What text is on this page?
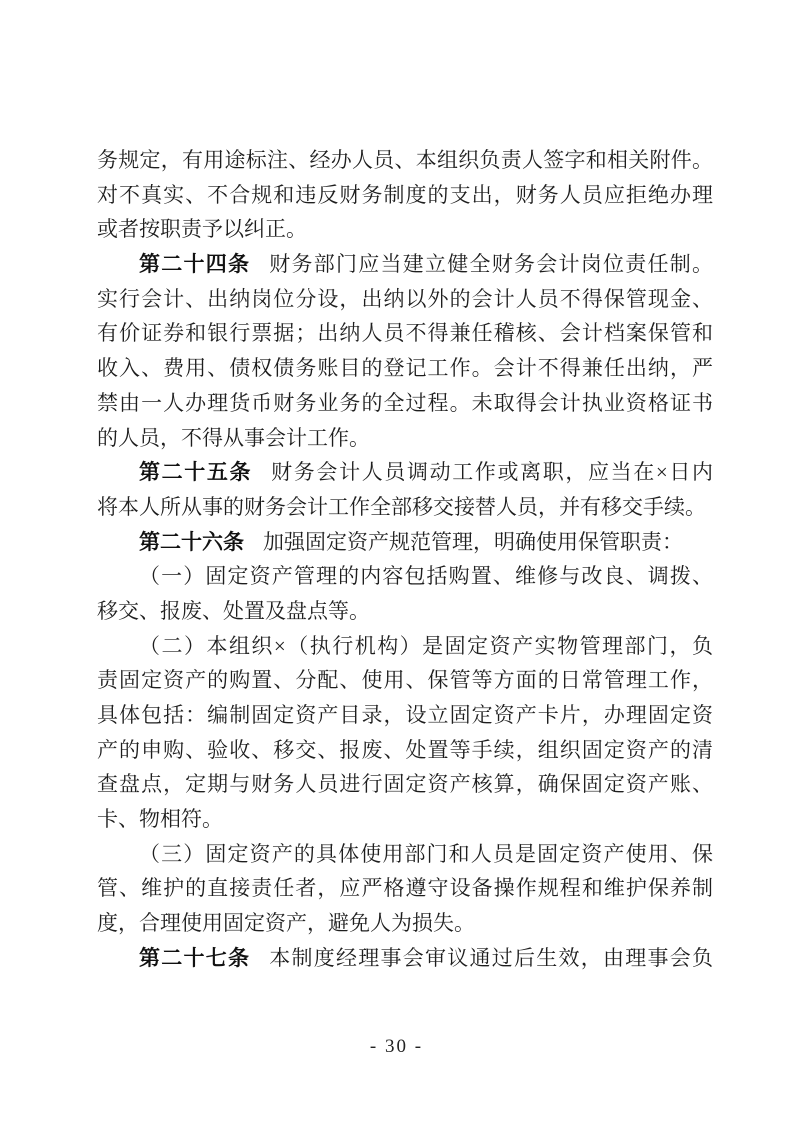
务规定，有用途标注、经办人员、本组织负责人签字和相关附件。
对不真实、不合规和违反财务制度的支出，财务人员应拒绝办理
或者按职责予以纠正。
第二十四条 财务部门应当建立健全财务会计岗位责任制。
实行会计、出纳岗位分设，出纳以外的会计人员不得保管现金、
有价证券和银行票据；出纳人员不得兼任稽核、会计档案保管和
收入、费用、债权债务账目的登记工作。会计不得兼任出纳，严
禁由一人办理货币财务业务的全过程。未取得会计执业资格证书
的人员，不得从事会计工作。
第二十五条 财务会计人员调动工作或离职，应当在×日内
将本人所从事的财务会计工作全部移交接替人员，并有移交手续。
第二十六条 加强固定资产规范管理，明确使用保管职责：
（一）固定资产管理的内容包括购置、维修与改良、调拨、
移交、报废、处置及盘点等。
（二）本组织×（执行机构）是固定资产实物管理部门，负
责固定资产的购置、分配、使用、保管等方面的日常管理工作，
具体包括：编制固定资产目录，设立固定资产卡片，办理固定资
产的申购、验收、移交、报废、处置等手续，组织固定资产的清
查盘点，定期与财务人员进行固定资产核算，确保固定资产账、
卡、物相符。
（三）固定资产的具体使用部门和人员是固定资产使用、保
管、维护的直接责任者，应严格遵守设备操作规程和维护保养制
度，合理使用固定资产，避免人为损失。
第二十七条 本制度经理事会审议通过后生效，由理事会负
- 30 -
